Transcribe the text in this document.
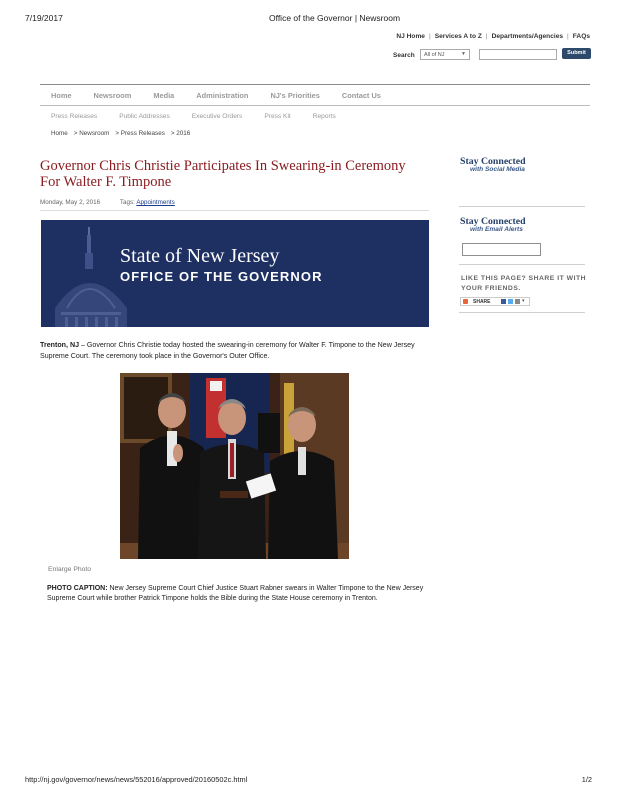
7/19/2017	Office of the Governor | Newsroom
NJ Home | Services A to Z | Departments/Agencies | FAQs
Search	All of NJ	▼	Submit
Home	Newsroom	Media	Administration	NJ's Priorities	Contact Us
Press Releases	Public Addresses	Executive Orders	Press Kit	Reports
Home > Newsroom > Press Releases > 2016
Governor Chris Christie Participates In Swearing-in Ceremony For Walter F. Timpone
Monday, May 2, 2016	Tags: Appointments
State of New Jersey
OFFICE OF THE GOVERNOR
Trenton, NJ – Governor Chris Christie today hosted the swearing-in ceremony for Walter F. Timpone to the New Jersey Supreme Court. The ceremony took place in the Governor's Outer Office.
Enlarge Photo
PHOTO CAPTION: New Jersey Supreme Court Chief Justice Stuart Rabner swears in Walter Timpone to the New Jersey Supreme Court while brother Patrick Timpone holds the Bible during the State House ceremony in Trenton.
Stay Connected
with Social Media
Stay Connected
with Email Alerts
LIKE THIS PAGE? SHARE IT WITH YOUR FRIENDS.
SHARE	▾
http://nj.gov/governor/news/news/552016/approved/20160502c.html	1/2
